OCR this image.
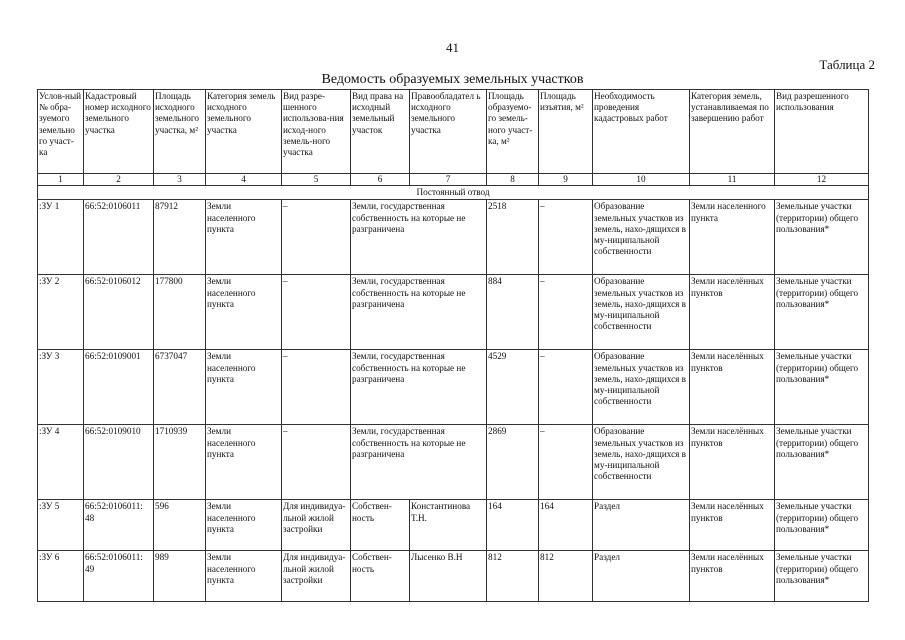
41
Таблица 2
Ведомость образуемых земельных участков
Услов-ный № обра-зуемого земельно го участ-ка	Кадастровый номер исходного земельного участка	Площадь исходного земельного участка, м²	Категория земель исходного земельного участка	Вид разре-шенного использова-ния исход-ного земель-ного участка	Вид права на исходный земельный участок	Правообладател ь исходного земельного участка	Площадь образуемо-го земель-ного участ-ка, м²	Площадь изъятия, м²	Необходимость проведения кадастровых работ	Категория земель, устанавливаемая по завершению работ	Вид разрешенного использования
1	2	3	4	5	6	7	8	9	10	11	12
Постоянный отвод											
:ЗУ 1	66:52:0106011	87912	Земли населенного пункта	–	Земли, государственная собственность на которые не разграничена		2518	–	Образование земельных участков из земель, нахо-дящихся в му-ниципальной собственности	Земли населенного пункта	Земельные участки (территории) общего пользования*
:ЗУ 2	66:52:0106012	177800	Земли населенного пункта	–	Земли, государственная собственность на которые не разграничена		884	–	Образование земельных участков из земель, нахо-дящихся в му-ниципальной собственности	Земли населённых пунктов	Земельные участки (территории) общего пользования*
:ЗУ 3	66:52:0109001	6737047	Земли населенного пункта	–	Земли, государственная собственность на которые не разграничена		4529	–	Образование земельных участков из земель, нахо-дящихся в му-ниципальной собственности	Земли населённых пунктов	Земельные участки (территории) общего пользования*
:ЗУ 4	66:52:0109010	1710939	Земли населенного пункта	–	Земли, государственная собственность на которые не разграничена		2869	–	Образование земельных участков из земель, нахо-дящихся в му-ниципальной собственности	Земли населённых пунктов	Земельные участки (территории) общего пользования*
:ЗУ 5	66:52:0106011: 48	596	Земли населенного пункта	Для индивидуа-льной жилой застройки	Собствен-ность	Константинова Т.Н.	164	164	Раздел	Земли населённых пунктов	Земельные участки (территории) общего пользования*
:ЗУ 6	66:52:0106011: 49	989	Земли населенного пункта	Для индивидуа-льной жилой застройки	Собствен-ность	Лысенко В.Н	812	812	Раздел	Земли населённых пунктов	Земельные участки (территории) общего пользования*
